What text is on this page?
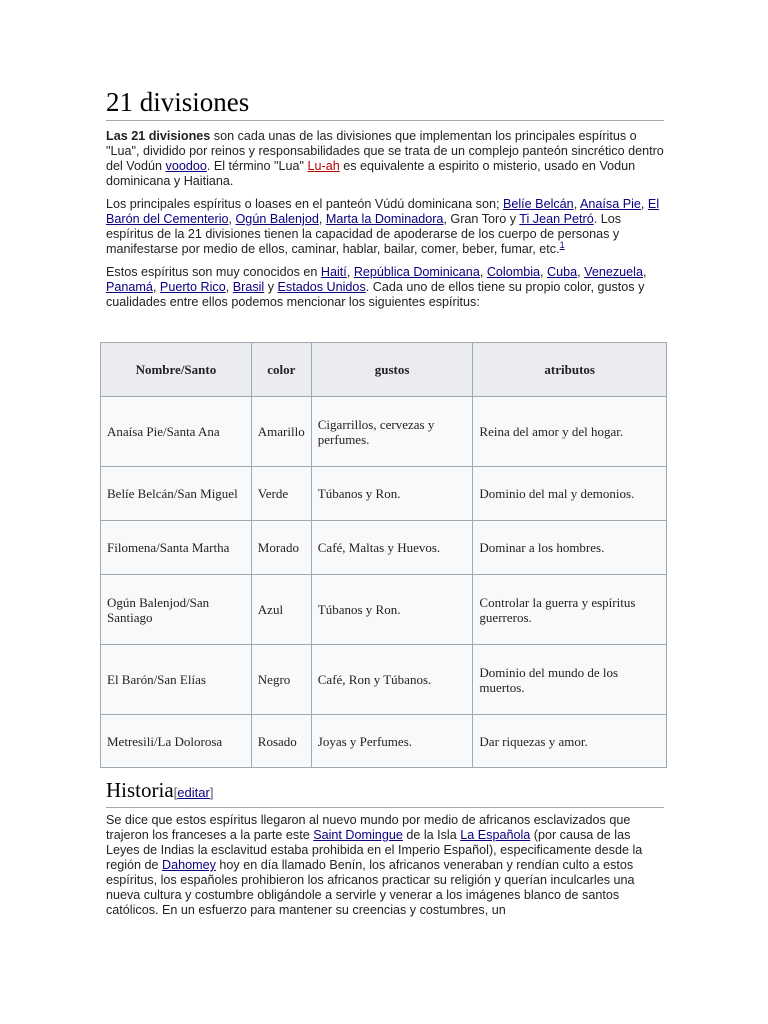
21 divisiones

Las 21 divisiones son cada unas de las divisiones que implementan los principales espíritus o "Lua", dividido por reinos y responsabilidades que se trata de un complejo panteón sincrético dentro del Vodún voodoo. El término "Lua" Lu-ah es equivalente a espirito o misterio, usado en Vodun dominicana y Haitiana.

Los principales espíritus o loases en el panteón Vúdú dominicana son; Belíe Belcán, Anaísa Pie, El Barón del Cementerio, Ogún Balenjod, Marta la Dominadora, Gran Toro y Ti Jean Petró. Los espíritus de la 21 divisiones tienen la capacidad de apoderarse de los cuerpo de personas y manifestarse por medio de ellos, caminar, hablar, bailar, comer, beber, fumar, etc.$^1$

Estos espíritus son muy conocidos en Haití, República Dominicana, Colombia, Cuba, Venezuela, Panamá, Puerto Rico, Brasil y Estados Unidos. Cada uno de ellos tiene su propio color, gustos y cualidades entre ellos podemos mencionar los siguientes espíritus:

Nombre/Santo	color	gustos	atributos
Anaísa Pie/Santa Ana	Amarillo	Cigarrillos, cervezas y perfumes.	Reina del amor y del hogar.
Belíe Belcán/San Miguel	Verde	Túbanos y Ron.	Dominio del mal y demonios.
Filomena/Santa Martha	Morado	Café, Maltas y Huevos.	Dominar a los hombres.
Ogún Balenjod/San Santiago	Azul	Túbanos y Ron.	Controlar la guerra y espíritus guerreros.
El Barón/San Elías	Negro	Café, Ron y Túbanos.	Dominio del mundo de los muertos.
Metresili/La Dolorosa	Rosado	Joyas y Perfumes.	Dar riquezas y amor.
Historia[editar]

Se dice que estos espíritus llegaron al nuevo mundo por medio de africanos esclavizados que trajeron los franceses a la parte este Saint Domingue de la Isla La Española (por causa de las Leyes de Indias la esclavitud estaba prohibida en el Imperio Español), especificamente desde la región de Dahomey hoy en día llamado Benín, los africanos veneraban y rendían culto a estos espíritus, los españoles prohibieron los africanos practicar su religión y querían inculcarles una nueva cultura y costumbre obligándole a servirle y venerar a los imágenes blanco de santos católicos. En un esfuerzo para mantener su creencias y costumbres, un
